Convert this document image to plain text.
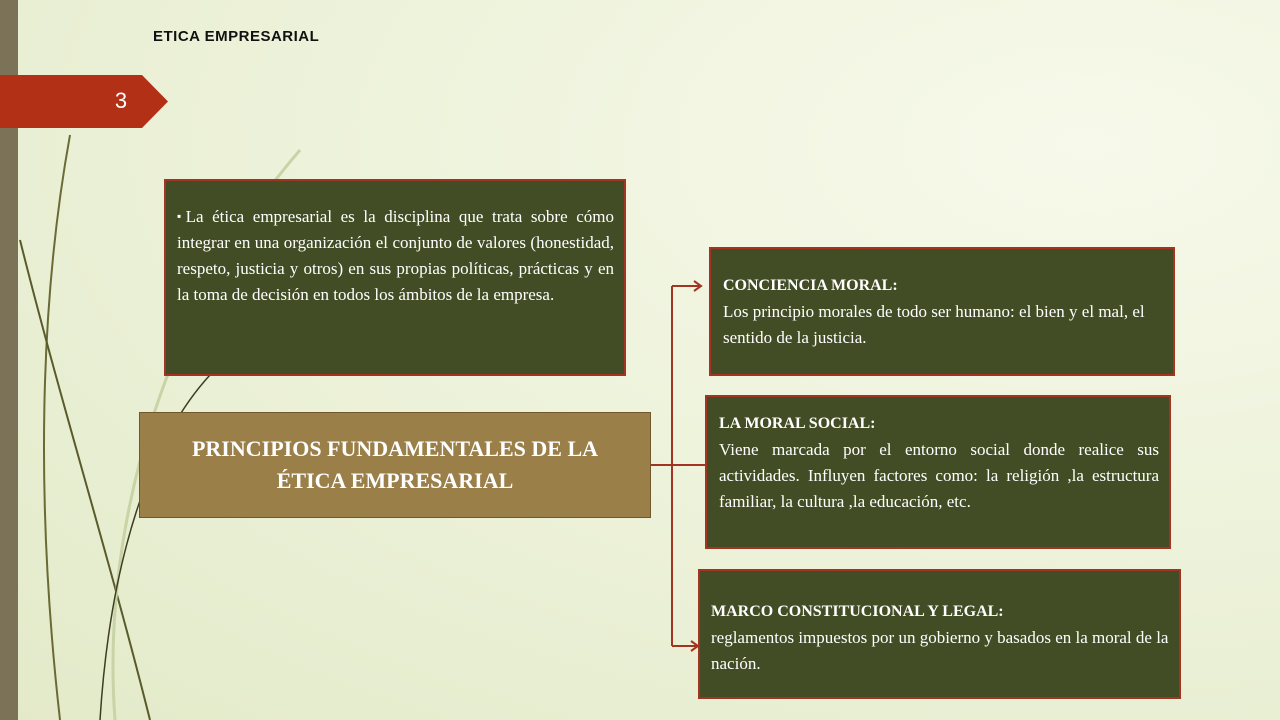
ETICA EMPRESARIAL
3
▪La ética empresarial es la disciplina que trata sobre cómo integrar en una organización el conjunto de valores (honestidad, respeto, justicia y otros) en sus propias políticas, prácticas y en la toma de decisión en todos los ámbitos de la empresa.
PRINCIPIOS FUNDAMENTALES DE LA ÉTICA EMPRESARIAL
CONCIENCIA MORAL:
Los principio morales de todo ser humano: el bien y el mal, el sentido de la justicia.
LA MORAL SOCIAL:
Viene marcada por el entorno social donde realice sus actividades. Influyen factores como: la religión ,la estructura familiar, la cultura ,la educación, etc.
MARCO CONSTITUCIONAL Y LEGAL:
reglamentos impuestos por un gobierno y basados en la moral de la nación.
